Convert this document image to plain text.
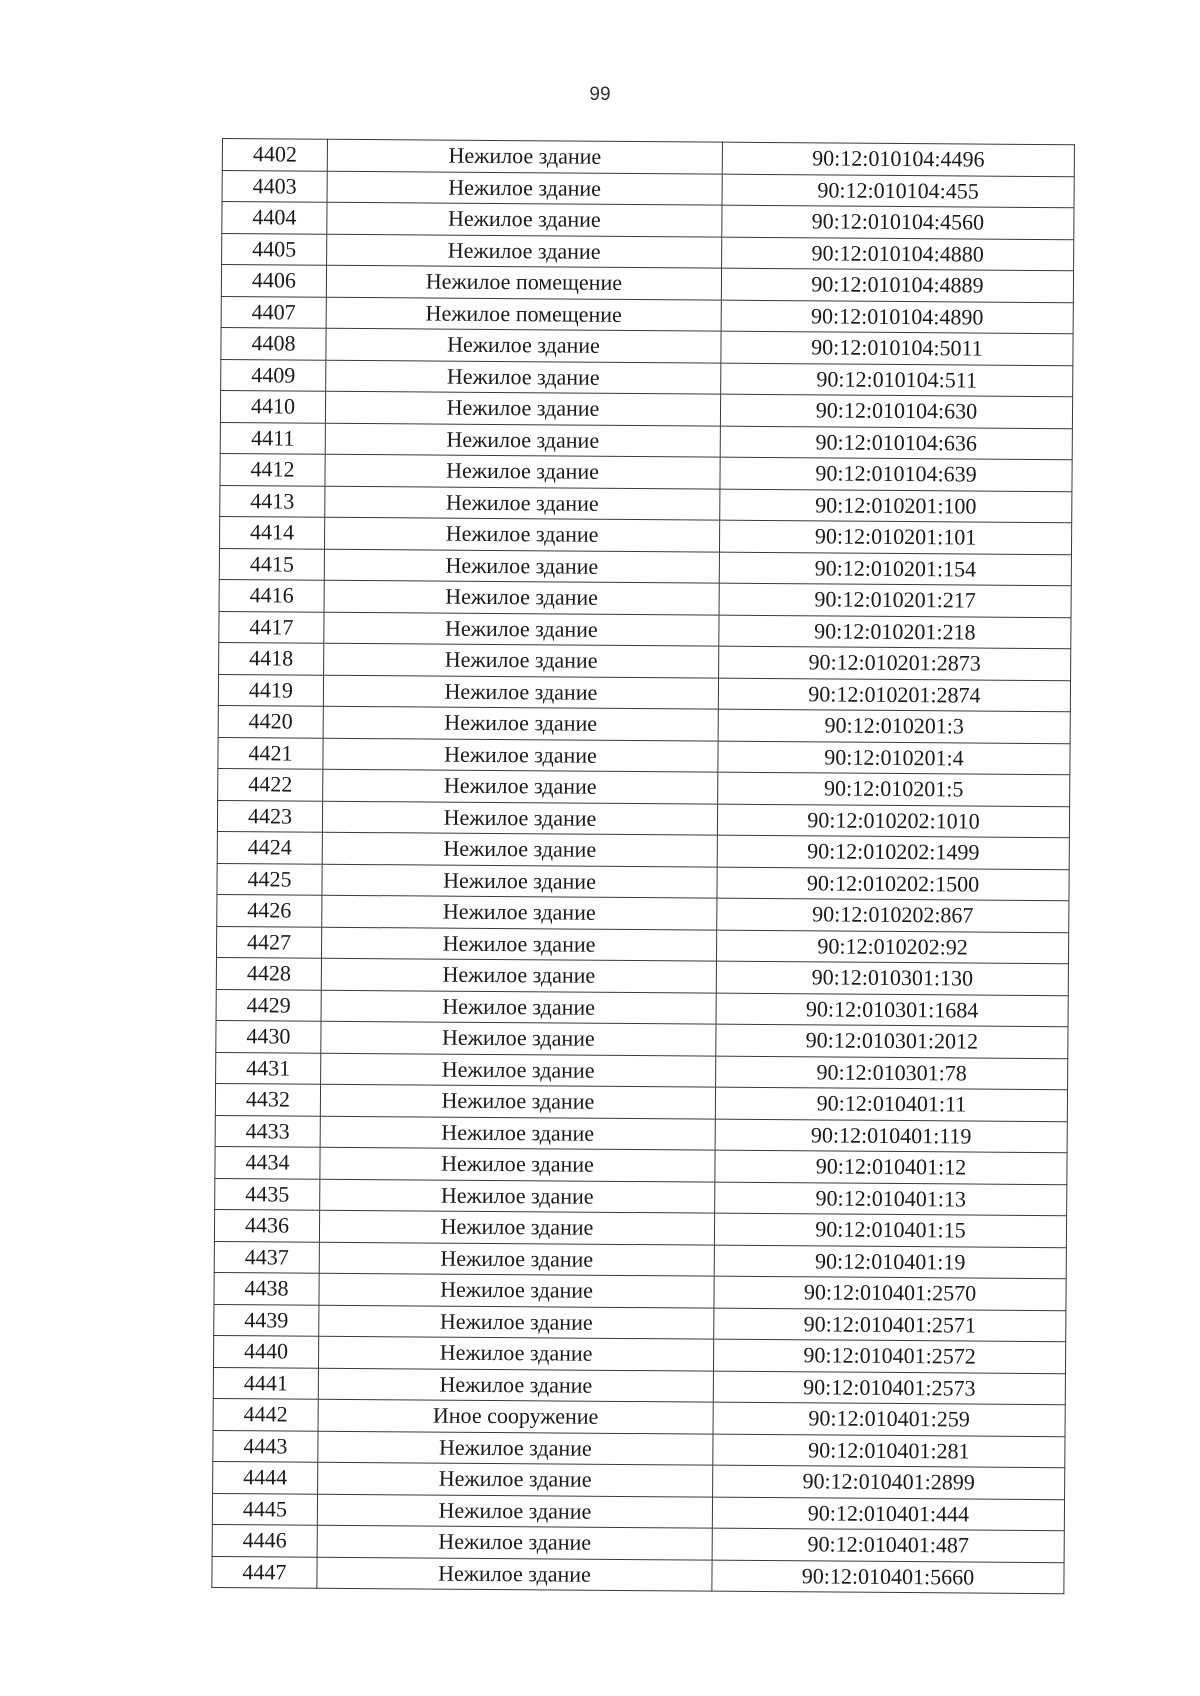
99
4402	Нежилое здание	90:12:010104:4496
4403	Нежилое здание	90:12:010104:455
4404	Нежилое здание	90:12:010104:4560
4405	Нежилое здание	90:12:010104:4880
4406	Нежилое помещение	90:12:010104:4889
4407	Нежилое помещение	90:12:010104:4890
4408	Нежилое здание	90:12:010104:5011
4409	Нежилое здание	90:12:010104:511
4410	Нежилое здание	90:12:010104:630
4411	Нежилое здание	90:12:010104:636
4412	Нежилое здание	90:12:010104:639
4413	Нежилое здание	90:12:010201:100
4414	Нежилое здание	90:12:010201:101
4415	Нежилое здание	90:12:010201:154
4416	Нежилое здание	90:12:010201:217
4417	Нежилое здание	90:12:010201:218
4418	Нежилое здание	90:12:010201:2873
4419	Нежилое здание	90:12:010201:2874
4420	Нежилое здание	90:12:010201:3
4421	Нежилое здание	90:12:010201:4
4422	Нежилое здание	90:12:010201:5
4423	Нежилое здание	90:12:010202:1010
4424	Нежилое здание	90:12:010202:1499
4425	Нежилое здание	90:12:010202:1500
4426	Нежилое здание	90:12:010202:867
4427	Нежилое здание	90:12:010202:92
4428	Нежилое здание	90:12:010301:130
4429	Нежилое здание	90:12:010301:1684
4430	Нежилое здание	90:12:010301:2012
4431	Нежилое здание	90:12:010301:78
4432	Нежилое здание	90:12:010401:11
4433	Нежилое здание	90:12:010401:119
4434	Нежилое здание	90:12:010401:12
4435	Нежилое здание	90:12:010401:13
4436	Нежилое здание	90:12:010401:15
4437	Нежилое здание	90:12:010401:19
4438	Нежилое здание	90:12:010401:2570
4439	Нежилое здание	90:12:010401:2571
4440	Нежилое здание	90:12:010401:2572
4441	Нежилое здание	90:12:010401:2573
4442	Иное сооружение	90:12:010401:259
4443	Нежилое здание	90:12:010401:281
4444	Нежилое здание	90:12:010401:2899
4445	Нежилое здание	90:12:010401:444
4446	Нежилое здание	90:12:010401:487
4447	Нежилое здание	90:12:010401:5660
